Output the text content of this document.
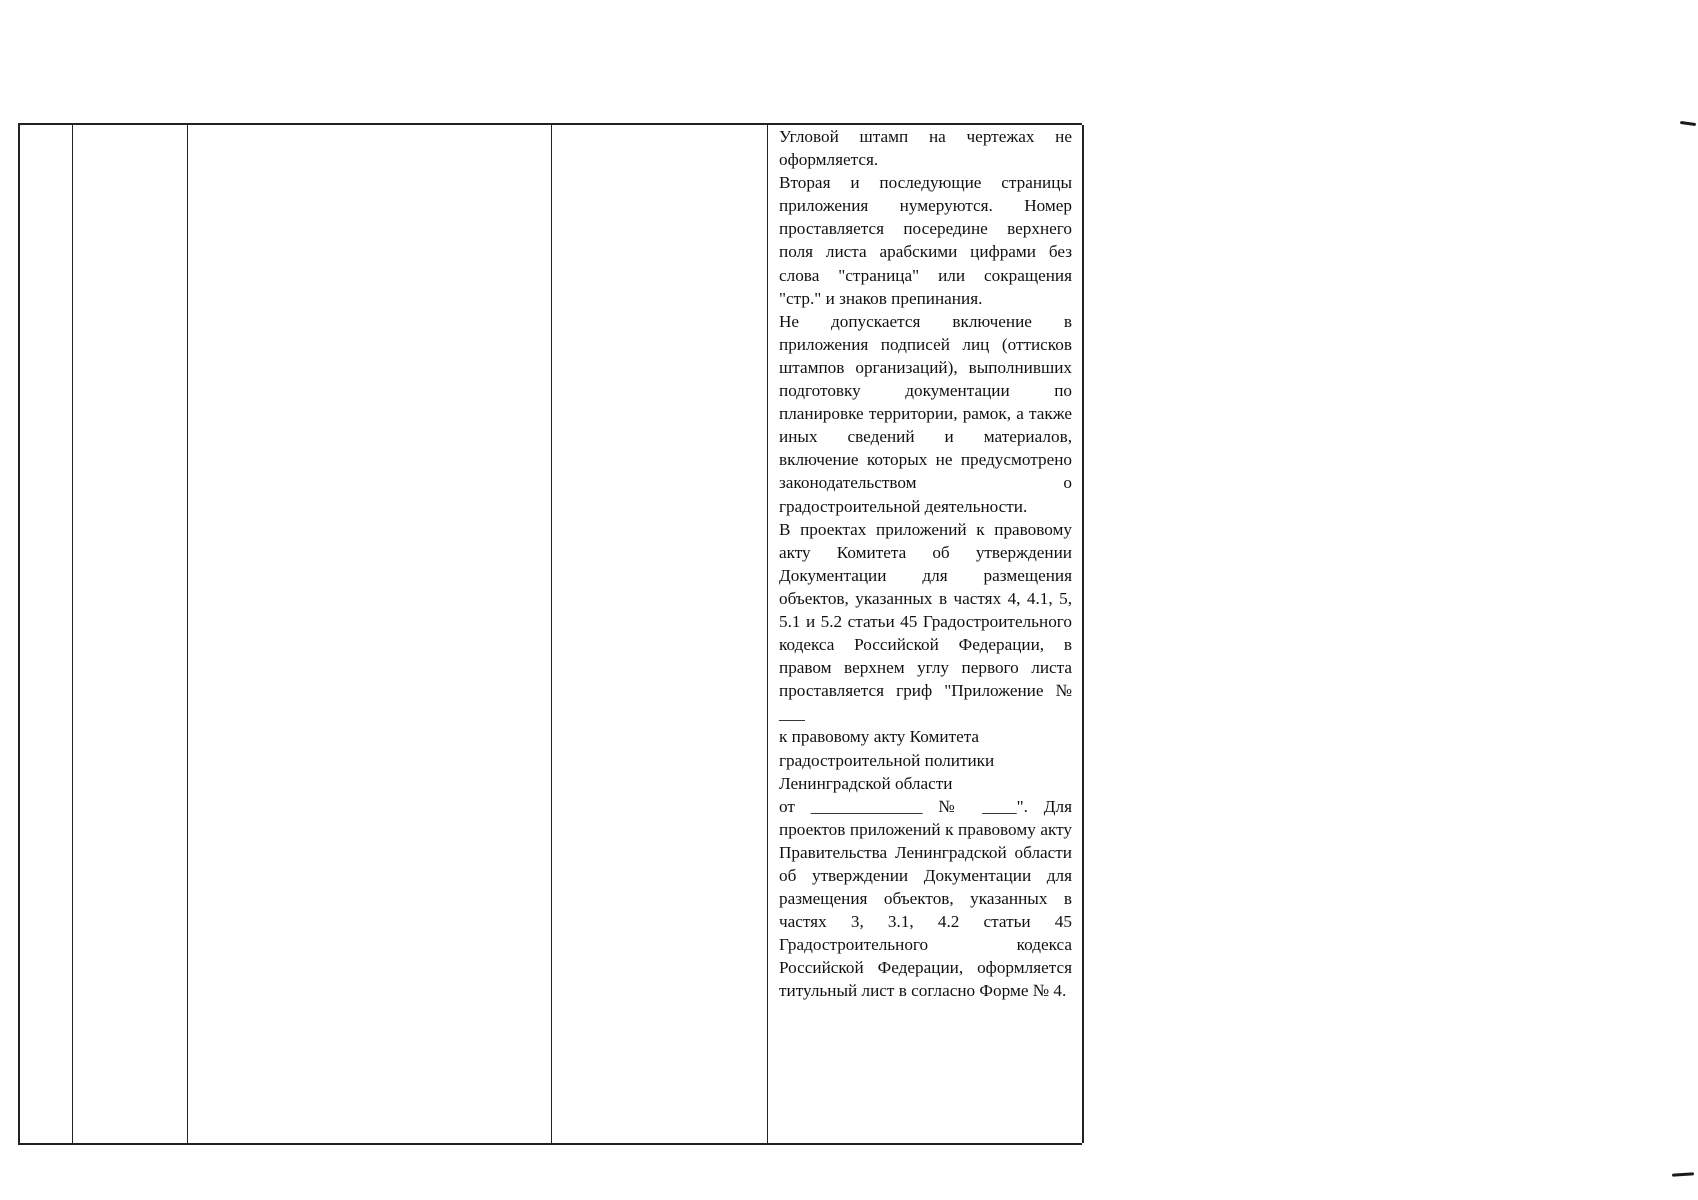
Угловой штамп на чертежах не оформляется.
Вторая и последующие страницы приложения нумеруются. Номер проставляется посередине верхнего поля листа арабскими цифрами без слова "страница" или сокращения "стр." и знаков препинания.
Не допускается включение в приложения подписей лиц (оттисков штампов организаций), выполнивших подготовку документации по планировке территории, рамок, а также иных сведений и материалов, включение которых не предусмотрено законодательством о градостроительной деятельности.
В проектах приложений к правовому акту Комитета об утверждении Документации для размещения объектов, указанных в частях 4, 4.1, 5, 5.1 и 5.2 статьи 45 Градостроительного кодекса Российской Федерации, в правом верхнем углу первого листа проставляется гриф "Приложение № ___
к правовому акту Комитета
градостроительной политики
Ленинградской области
от _____________ № ____". Для проектов приложений к правовому акту Правительства Ленинградской области об утверждении Документации для размещения объектов, указанных в частях 3, 3.1, 4.2 статьи 45 Градостроительного кодекса Российской Федерации, оформляется титульный лист в согласно Форме № 4.
